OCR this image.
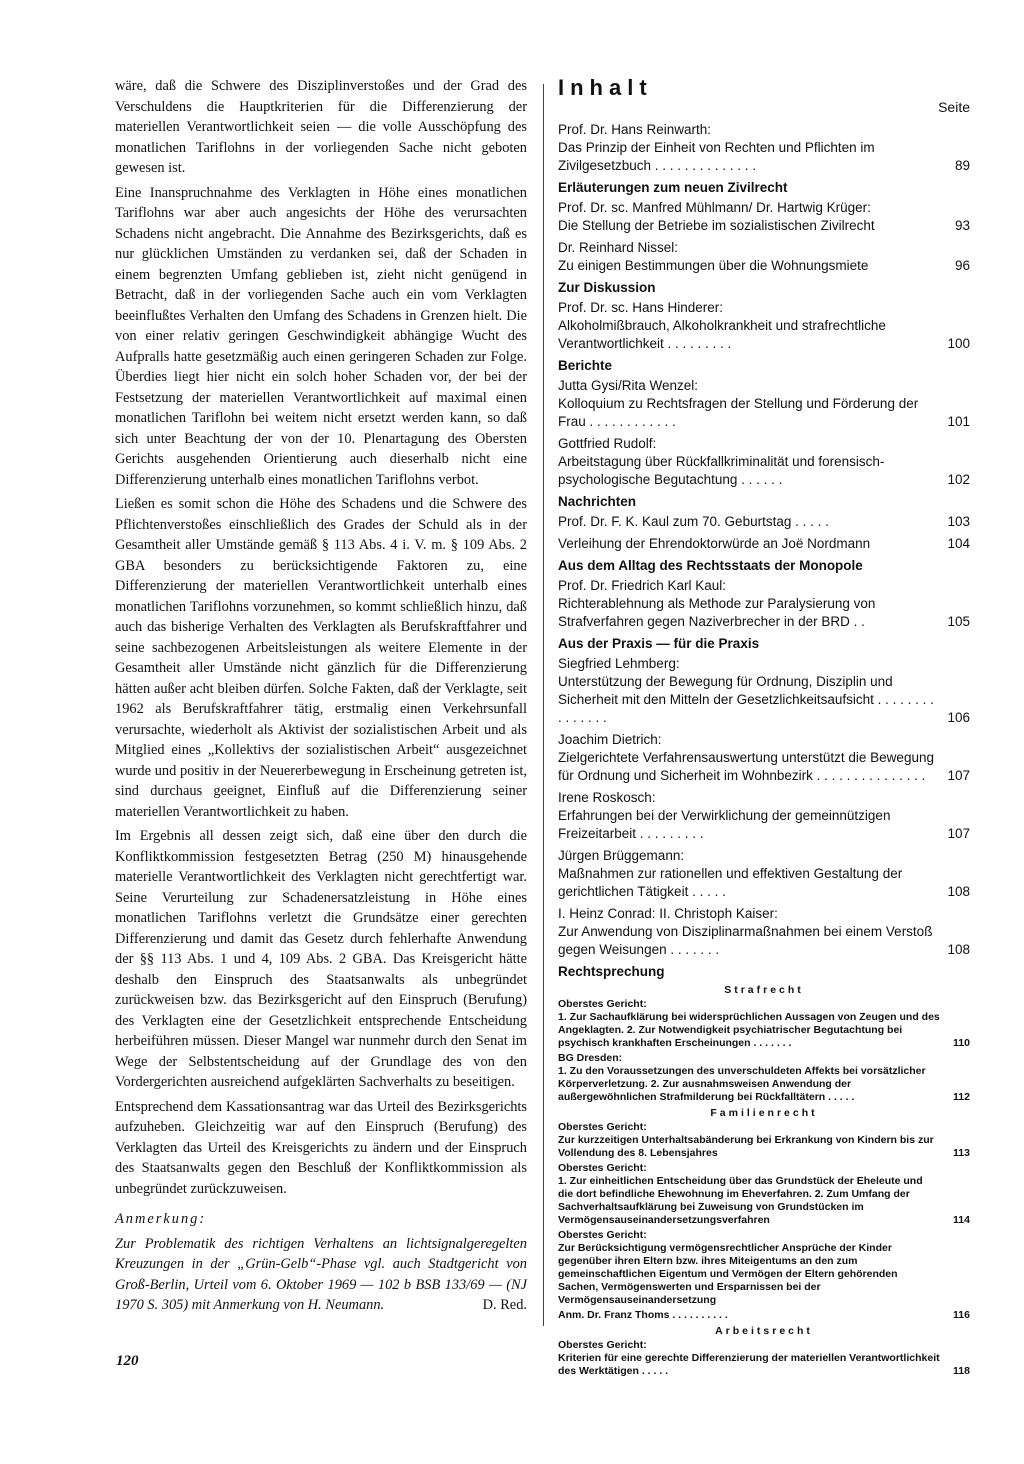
wäre, daß die Schwere des Disziplinverstoßes und der Grad des Verschuldens die Hauptkriterien für die Differenzierung der materiellen Verantwortlichkeit seien — die volle Ausschöpfung des monatlichen Tariflohns in der vorliegenden Sache nicht geboten gewesen ist.

Eine Inanspruchnahme des Verklagten in Höhe eines monatlichen Tariflohns war aber auch angesichts der Höhe des verursachten Schadens nicht angebracht. Die Annahme des Bezirksgerichts, daß es nur glücklichen Umständen zu verdanken sei, daß der Schaden in einem begrenzten Umfang geblieben ist, zieht nicht genügend in Betracht, daß in der vorliegenden Sache auch ein vom Verklagten beeinflußtes Verhalten den Umfang des Schadens in Grenzen hielt. Die von einer relativ geringen Geschwindigkeit abhängige Wucht des Aufpralls hatte gesetzmäßig auch einen geringeren Schaden zur Folge. Überdies liegt hier nicht ein solch hoher Schaden vor, der bei der Festsetzung der materiellen Verantwortlichkeit auf maximal einen monatlichen Tariflohn bei weitem nicht ersetzt werden kann, so daß sich unter Beachtung der von der 10. Plenartagung des Obersten Gerichts ausgehenden Orientierung auch dieserhalb nicht eine Differenzierung unterhalb eines monatlichen Tariflohns verbot.

Ließen es somit schon die Höhe des Schadens und die Schwere des Pflichtenverstoßes einschließlich des Grades der Schuld als in der Gesamtheit aller Umstände gemäß § 113 Abs. 4 i. V. m. § 109 Abs. 2 GBA besonders zu berücksichtigende Faktoren zu, eine Differenzierung der materiellen Verantwortlichkeit unterhalb eines monatlichen Tariflohns vorzunehmen, so kommt schließlich hinzu, daß auch das bisherige Verhalten des Verklagten als Berufskraftfahrer und seine sachbezogenen Arbeitsleistungen als weitere Elemente in der Gesamtheit aller Umstände nicht gänzlich für die Differenzierung hätten außer acht bleiben dürfen. Solche Fakten, daß der Verklagte, seit 1962 als Berufskraftfahrer tätig, erstmalig einen Verkehrsunfall verursachte, wiederholt als Aktivist der sozialistischen Arbeit und als Mitglied eines „Kollektivs der sozialistischen Arbeit“ ausgezeichnet wurde und positiv in der Neuererbewegung in Erscheinung getreten ist, sind durchaus geeignet, Einfluß auf die Differenzierung seiner materiellen Verantwortlichkeit zu haben.

Im Ergebnis all dessen zeigt sich, daß eine über den durch die Konfliktkommission festgesetzten Betrag (250 M) hinausgehende materielle Verantwortlichkeit des Verklagten nicht gerechtfertigt war. Seine Verurteilung zur Schadenersatzleistung in Höhe eines monatlichen Tariflohns verletzt die Grundsätze einer gerechten Differenzierung und damit das Gesetz durch fehlerhafte Anwendung der §§ 113 Abs. 1 und 4, 109 Abs. 2 GBA. Das Kreisgericht hätte deshalb den Einspruch des Staatsanwalts als unbegründet zurückweisen bzw. das Bezirksgericht auf den Einspruch (Berufung) des Verklagten eine der Gesetzlichkeit entsprechende Entscheidung herbeiführen müssen. Dieser Mangel war nunmehr durch den Senat im Wege der Selbstentscheidung auf der Grundlage des von den Vordergerichten ausreichend aufgeklärten Sachverhalts zu beseitigen.

Entsprechend dem Kassationsantrag war das Urteil des Bezirksgerichts aufzuheben. Gleichzeitig war auf den Einspruch (Berufung) des Verklagten das Urteil des Kreisgerichts zu ändern und der Einspruch des Staatsanwalts gegen den Beschluß der Konfliktkommission als unbegründet zurückzuweisen.

Anmerkung:

Zur Problematik des richtigen Verhaltens an lichtsignalgeregelten Kreuzungen in der „Grün-Gelb“-Phase vgl. auch Stadtgericht von Groß-Berlin, Urteil vom 6. Oktober 1969 — 102 b BSB 133/69 — (NJ 1970 S. 305) mit Anmerkung von H. Neumann.	D. Red.

120
Inhalt
Seite
Prof. Dr. Hans Reinwarth:
Das Prinzip der Einheit von Rechten und Pflichten im Zivilgesetzbuch . . . . . . . . . . . . . .	89
Erläuterungen zum neuen Zivilrecht
Prof. Dr. sc. Manfred Mühlmann/ Dr. Hartwig Krüger:
Die Stellung der Betriebe im sozialistischen Zivilrecht	93
Dr. Reinhard Nissel:
Zu einigen Bestimmungen über die Wohnungsmiete	96
Zur Diskussion
Prof. Dr. sc. Hans Hinderer:
Alkoholmißbrauch, Alkoholkrankheit und strafrechtliche Verantwortlichkeit . . . . . . . . .	100
Berichte
Jutta Gysi/Rita Wenzel:
Kolloquium zu Rechtsfragen der Stellung und Förderung der Frau . . . . . . . . . . . .	101
Gottfried Rudolf:
Arbeitstagung über Rückfallkriminalität und forensisch-psychologische Begutachtung . . . . . .	102
Nachrichten
Prof. Dr. F. K. Kaul zum 70. Geburtstag . . . . .	103
Verleihung der Ehrendoktorwürde an Joë Nordmann	104
Aus dem Alltag des Rechtsstaats der Monopole
Prof. Dr. Friedrich Karl Kaul:
Richterablehnung als Methode zur Paralysierung von Strafverfahren gegen Naziverbrecher in der BRD . .	105
Aus der Praxis — für die Praxis
Siegfried Lehmberg:
Unterstützung der Bewegung für Ordnung, Disziplin und Sicherheit mit den Mitteln der Gesetzlichkeitsaufsicht . . . . . . . . . . . . . . .	106
Joachim Dietrich:
Zielgerichtete Verfahrensauswertung unterstützt die Bewegung für Ordnung und Sicherheit im Wohnbezirk . . . . . . . . . . . . . . .	107
Irene Roskosch:
Erfahrungen bei der Verwirklichung der gemeinnützigen Freizeitarbeit . . . . . . . . .	107
Jürgen Brüggemann:
Maßnahmen zur rationellen und effektiven Gestaltung der gerichtlichen Tätigkeit . . . . .	108
I. Heinz Conrad: II. Christoph Kaiser:
Zur Anwendung von Disziplinarmaßnahmen bei einem Verstoß gegen Weisungen . . . . . . .	108
Rechtsprechung
Strafrecht
Oberstes Gericht:
1. Zur Sachaufklärung bei widersprüchlichen Aussagen von Zeugen und des Angeklagten. 2. Zur Notwendigkeit psychiatrischer Begutachtung bei psychisch krankhaften Erscheinungen . . . . . . .	110
BG Dresden:
1. Zu den Voraussetzungen des unverschuldeten Affekts bei vorsätzlicher Körperverletzung. 2. Zur ausnahmsweisen Anwendung der außergewöhnlichen Strafmilderung bei Rückfalltätern . . . . .	112
Familienrecht
Oberstes Gericht:
Zur kurzzeitigen Unterhaltsabänderung bei Erkrankung von Kindern bis zur Vollendung des 8. Lebensjahres	113
Oberstes Gericht:
1. Zur einheitlichen Entscheidung über das Grundstück der Eheleute und die dort befindliche Ehewohnung im Eheverfahren. 2. Zum Umfang der Sachverhaltsaufklärung bei Zuweisung von Grundstücken im Vermögensauseinandersetzungsverfahren	114
Oberstes Gericht:
Zur Berücksichtigung vermögensrechtlicher Ansprüche der Kinder gegenüber ihren Eltern bzw. ihres Miteigentums an den zum gemeinschaftlichen Eigentum und Vermögen der Eltern gehörenden Sachen, Vermögenswerten und Ersparnissen bei der Vermögensauseinandersetzung
Anm. Dr. Franz Thoms . . . . . . . . . .	116
Arbeitsrecht
Oberstes Gericht:
Kriterien für eine gerechte Differenzierung der materiellen Verantwortlichkeit des Werktätigen . . . . .	118
